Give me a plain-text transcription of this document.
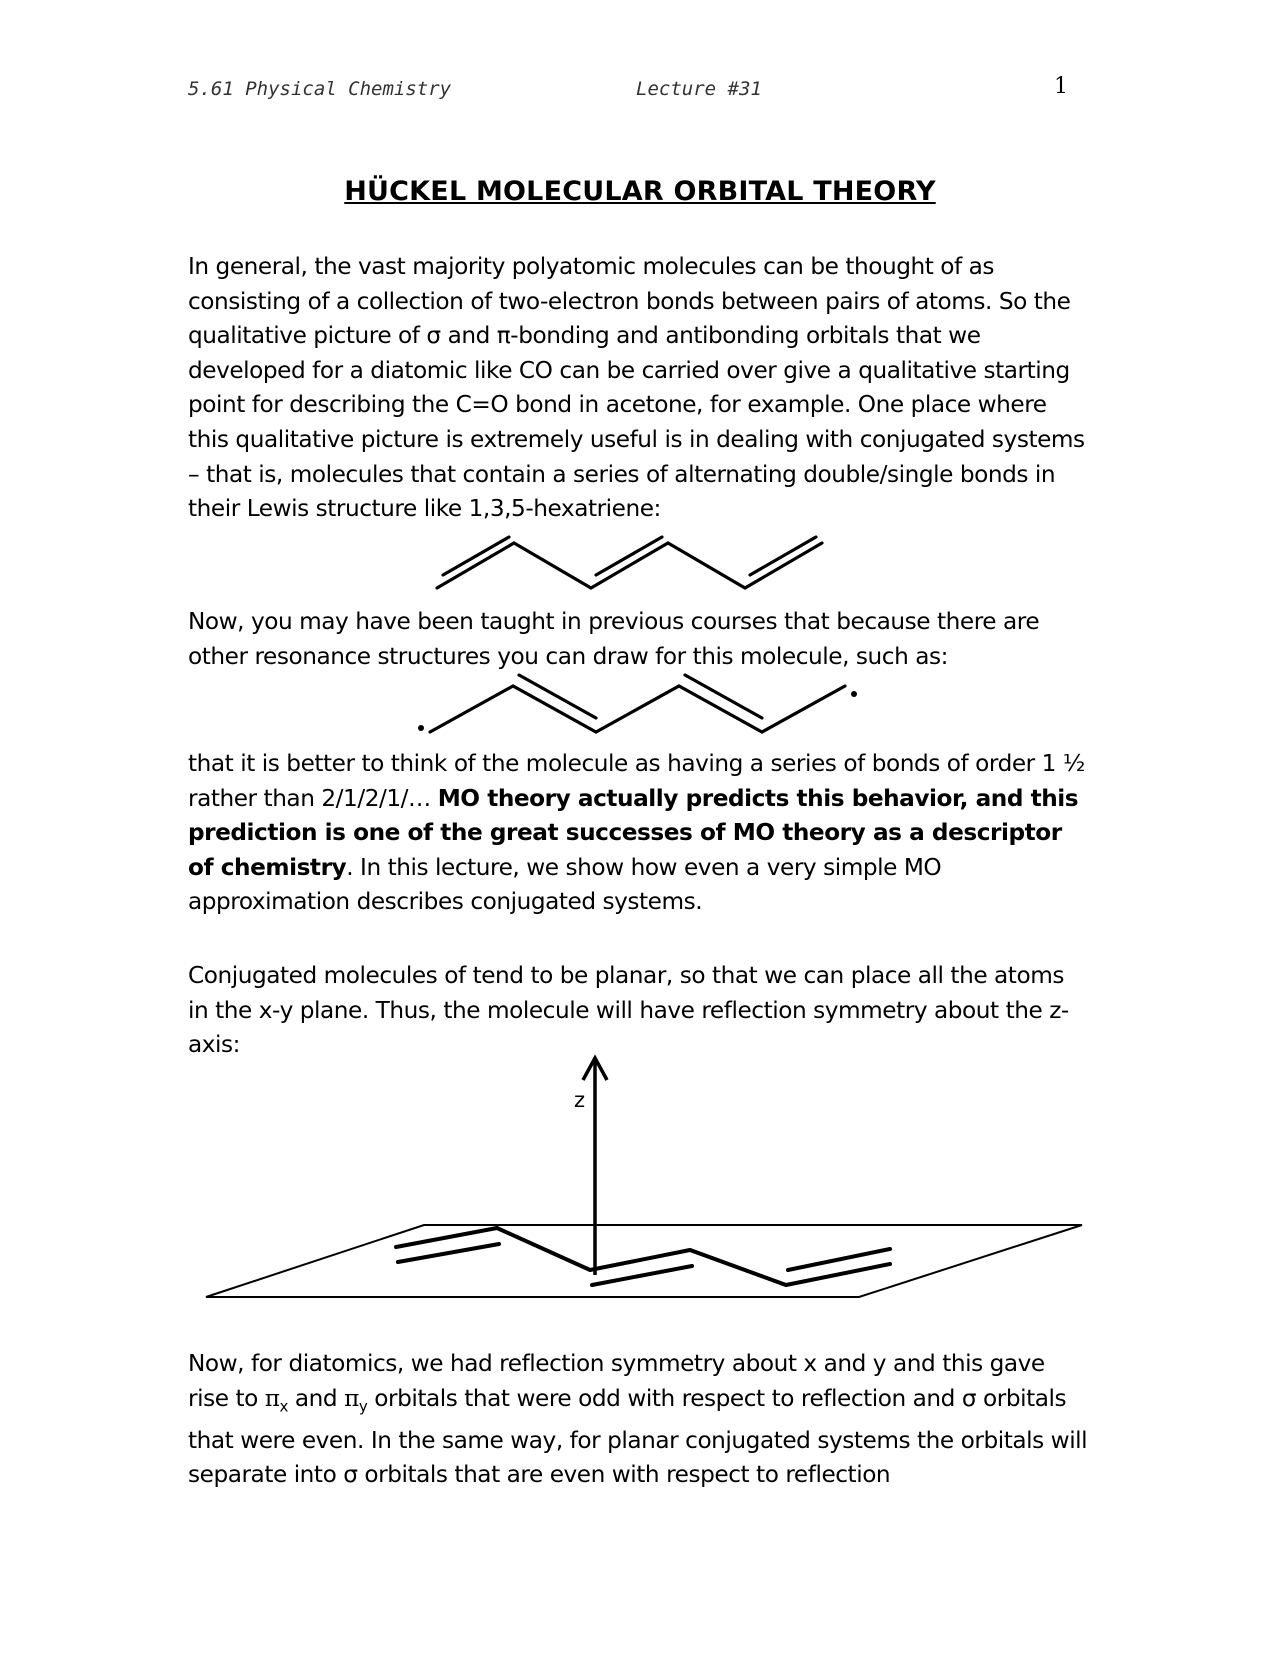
5.61 Physical Chemistry	Lecture #31	1
HÜCKEL MOLECULAR ORBITAL THEORY

In general, the vast majority polyatomic molecules can be thought of as consisting of a collection of two-electron bonds between pairs of atoms. So the qualitative picture of σ and π-bonding and antibonding orbitals that we developed for a diatomic like CO can be carried over give a qualitative starting point for describing the C=O bond in acetone, for example. One place where this qualitative picture is extremely useful is in dealing with conjugated systems – that is, molecules that contain a series of alternating double/single bonds in their Lewis structure like 1,3,5-hexatriene:

z

Now, you may have been taught in previous courses that because there are other resonance structures you can draw for this molecule, such as:

that it is better to think of the molecule as having a series of bonds of order 1 ½ rather than 2/1/2/1/… MO theory actually predicts this behavior, and this prediction is one of the great successes of MO theory as a descriptor of chemistry. In this lecture, we show how even a very simple MO approximation describes conjugated systems.

Conjugated molecules of tend to be planar, so that we can place all the atoms in the x-y plane. Thus, the molecule will have reflection symmetry about the z-axis:

Now, for diatomics, we had reflection symmetry about x and y and this gave rise to $\pi_x$ and $\pi_y$ orbitals that were odd with respect to reflection and σ orbitals that were even. In the same way, for planar conjugated systems the orbitals will separate into σ orbitals that are even with respect to reflection
